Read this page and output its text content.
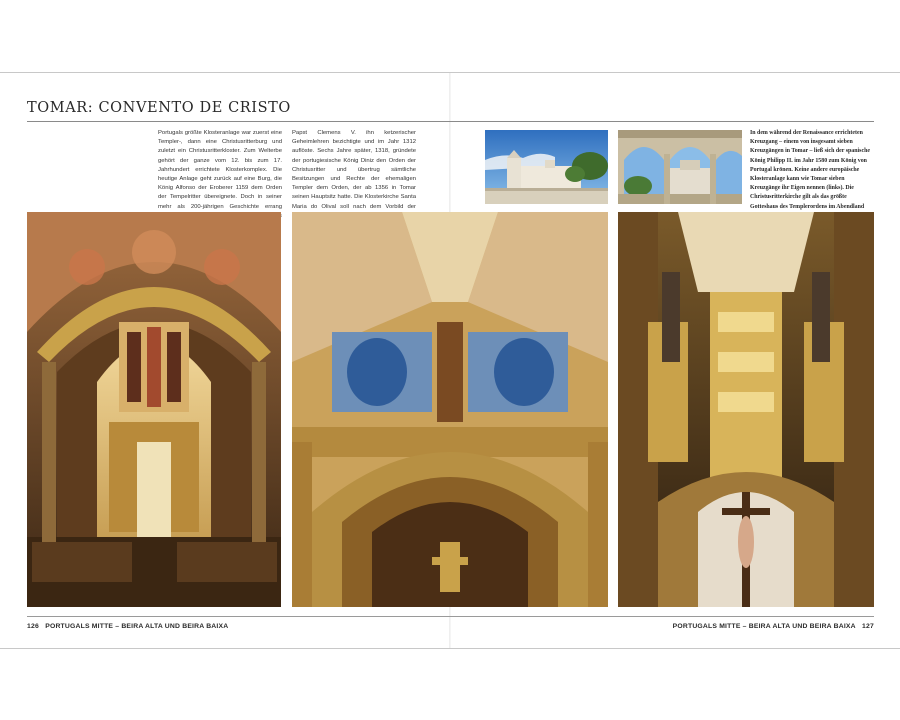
TOMAR: CONVENTO DE CRISTO

Portugals größte Klosteranlage war zuerst eine Templer-, dann eine Christusritterburg und zuletzt ein Christusritterkloster. Zum Welterbe gehört der ganze vom 12. bis zum 17. Jahrhundert errichtete Klosterkomplex. Die heutige Anlage geht zurück auf eine Burg, die König Alfonso der Eroberer 1159 dem Orden der Tempelritter übereignete. Doch in seiner mehr als 200-jährigen Geschichte errang

Papst Clemens V. ihn ketzerischer Geheimlehren bezichtigte und im Jahr 1312 auflöste. Sechs Jahre später, 1318, gründete der portugiesische König Diniz den Orden der Christusritter und übertrug sämtliche Besitzungen und Rechte der ehemaligen Templer dem Orden, der ab 1356 in Tomar seinen Hauptsitz hatte. Die Klosterkirche Santa Maria do Olival soll nach dem Vorbild der

In dem während der Renaissance errichteten Kreuzgang – einem von insgesamt sieben Kreuzgängen in Tomar – ließ sich der spanische König Philipp II. im Jahr 1580 zum König von Portugal krönen. Keine andere europäische Klosteranlage kann wie Tomar sieben Kreuzgänge ihr Eigen nennen (links). Die Christusritterkirche gilt als das größte Gotteshaus des Templerordens im Abendland

126 PORTUGALS MITTE – BEIRA ALTA UND BEIRA BAIXA	PORTUGALS MITTE – BEIRA ALTA UND BEIRA BAIXA 127
